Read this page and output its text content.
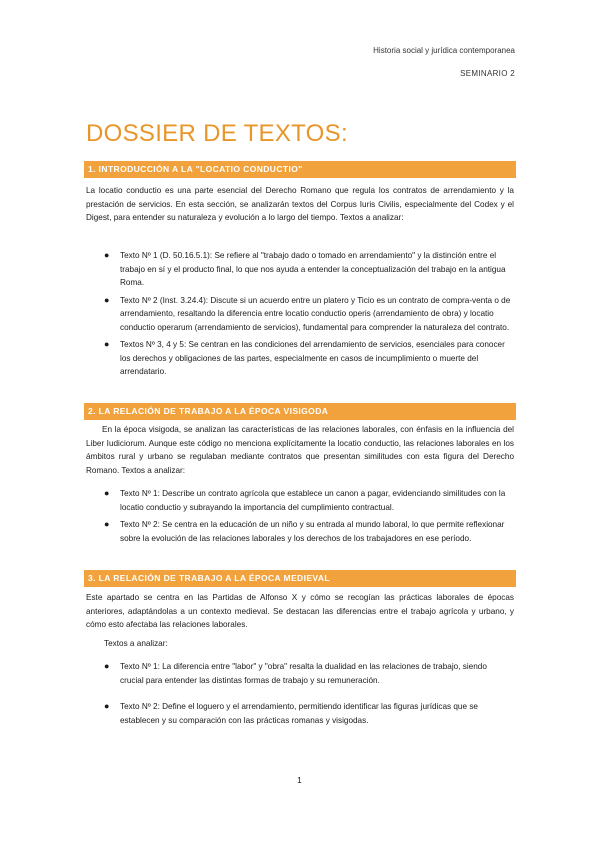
Historia social y jurídica contemporanea
SEMINARIO 2
DOSSIER DE TEXTOS:
1. INTRODUCCIÓN A LA "LOCATIO CONDUCTIO"

La locatio conductio es una parte esencial del Derecho Romano que regula los contratos de arrendamiento y la prestación de servicios. En esta sección, se analizarán textos del Corpus Iuris Civilis, especialmente del Codex y el Digest, para entender su naturaleza y evolución a lo largo del tiempo. Textos a analizar:

● Texto Nº 1 (D. 50.16.5.1): Se refiere al "trabajo dado o tomado en arrendamiento" y la distinción entre el trabajo en sí y el producto final, lo que nos ayuda a entender la conceptualización del trabajo en la antigua Roma.
● Texto Nº 2 (Inst. 3.24.4): Discute si un acuerdo entre un platero y Ticio es un contrato de compra-venta o de arrendamiento, resaltando la diferencia entre locatio conductio operis (arrendamiento de obra) y locatio conductio operarum (arrendamiento de servicios), fundamental para comprender la naturaleza del contrato.
● Textos Nº 3, 4 y 5: Se centran en las condiciones del arrendamiento de servicios, esenciales para conocer los derechos y obligaciones de las partes, especialmente en casos de incumplimiento o muerte del arrendatario.
2. LA RELACIÓN DE TRABAJO A LA ÉPOCA VISIGODA

En la época visigoda, se analizan las características de las relaciones laborales, con énfasis en la influencia del Liber Iudiciorum. Aunque este código no menciona explícitamente la locatio conductio, las relaciones laborales en los ámbitos rural y urbano se regulaban mediante contratos que presentan similitudes con esta figura del Derecho Romano. Textos a analizar:

● Texto Nº 1: Describe un contrato agrícola que establece un canon a pagar, evidenciando similitudes con la locatio conductio y subrayando la importancia del cumplimiento contractual.
● Texto Nº 2: Se centra en la educación de un niño y su entrada al mundo laboral, lo que permite reflexionar sobre la evolución de las relaciones laborales y los derechos de los trabajadores en ese período.
3. LA RELACIÓN DE TRABAJO A LA ÉPOCA MEDIEVAL

Este apartado se centra en las Partidas de Alfonso X y cómo se recogían las prácticas laborales de épocas anteriores, adaptándolas a un contexto medieval. Se destacan las diferencias entre el trabajo agrícola y urbano, y cómo esto afectaba las relaciones laborales.

Textos a analizar:

● Texto Nº 1: La diferencia entre "labor" y "obra" resalta la dualidad en las relaciones de trabajo, siendo crucial para entender las distintas formas de trabajo y su remuneración.
● Texto Nº 2: Define el loguero y el arrendamiento, permitiendo identificar las figuras jurídicas que se establecen y su comparación con las prácticas romanas y visigodas.
1
